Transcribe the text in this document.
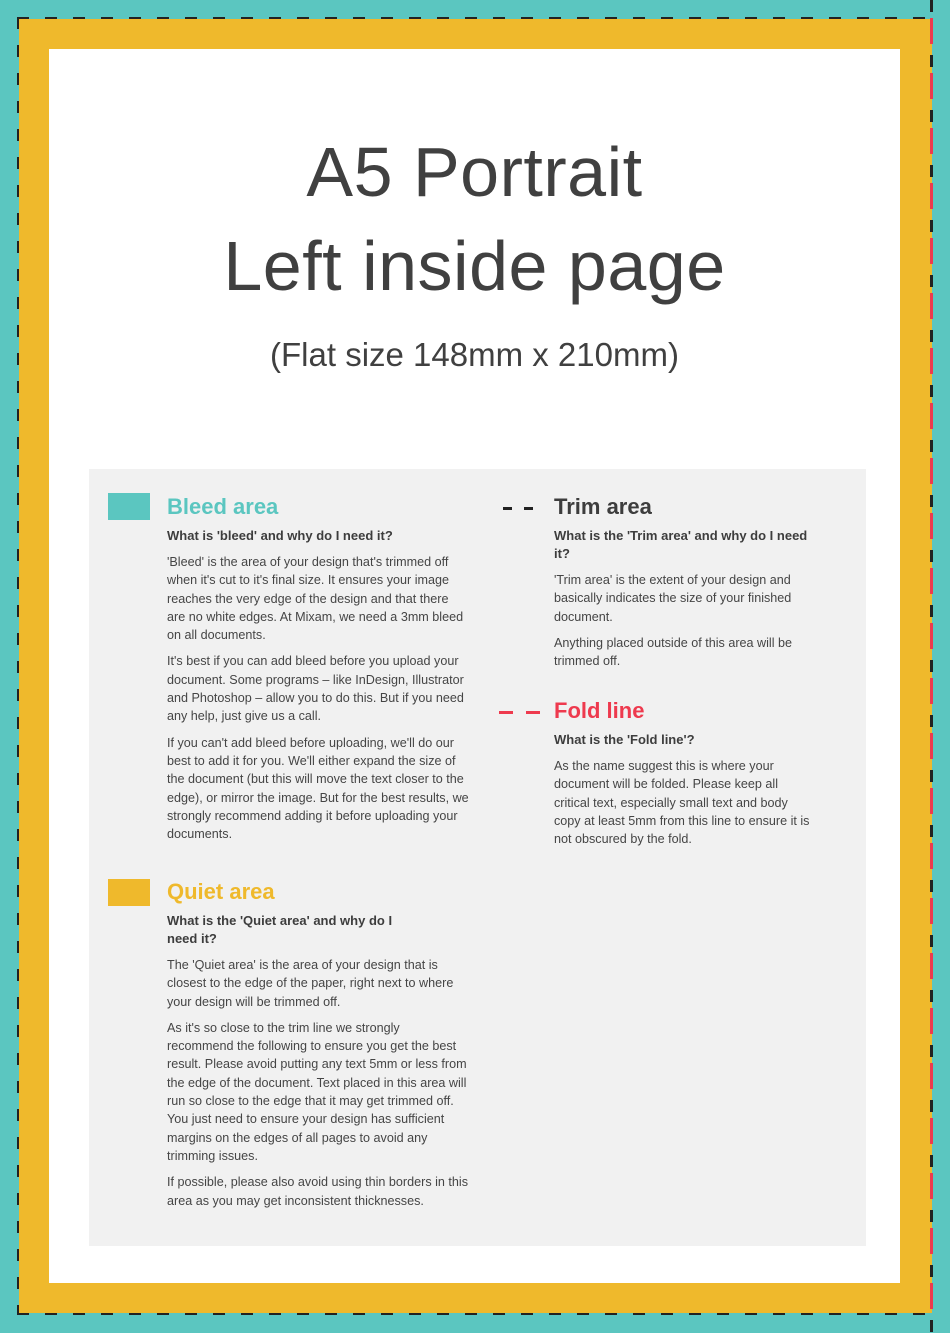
A5 Portrait
Left inside page
(Flat size 148mm x 210mm)
Bleed area

What is 'bleed' and why do I need it?

'Bleed' is the area of your design that's trimmed off when it's cut to it's final size. It ensures your image reaches the very edge of the design and that there are no white edges. At Mixam, we need a 3mm bleed on all documents.

It's best if you can add bleed before you upload your document. Some programs – like InDesign, Illustrator and Photoshop – allow you to do this. But if you need any help, just give us a call.

If you can't add bleed before uploading, we'll do our best to add it for you. We'll either expand the size of the document (but this will move the text closer to the edge), or mirror the image. But for the best results, we strongly recommend adding it before uploading your documents.

Quiet area

What is the 'Quiet area' and why do I need it?

The 'Quiet area' is the area of your design that is closest to the edge of the paper, right next to where your design will be trimmed off.

As it's so close to the trim line we strongly recommend the following to ensure you get the best result. Please avoid putting any text 5mm or less from the edge of the document. Text placed in this area will run so close to the edge that it may get trimmed off. You just need to ensure your design has sufficient margins on the edges of all pages to avoid any trimming issues.

If possible, please also avoid using thin borders in this area as you may get inconsistent thicknesses.

Trim area

What is the 'Trim area' and why do I need it?

'Trim area' is the extent of your design and basically indicates the size of your finished document.

Anything placed outside of this area will be trimmed off.

Fold line

What is the 'Fold line'?

As the name suggest this is where your document will be folded. Please keep all critical text, especially small text and body copy at least 5mm from this line to ensure it is not obscured by the fold.
